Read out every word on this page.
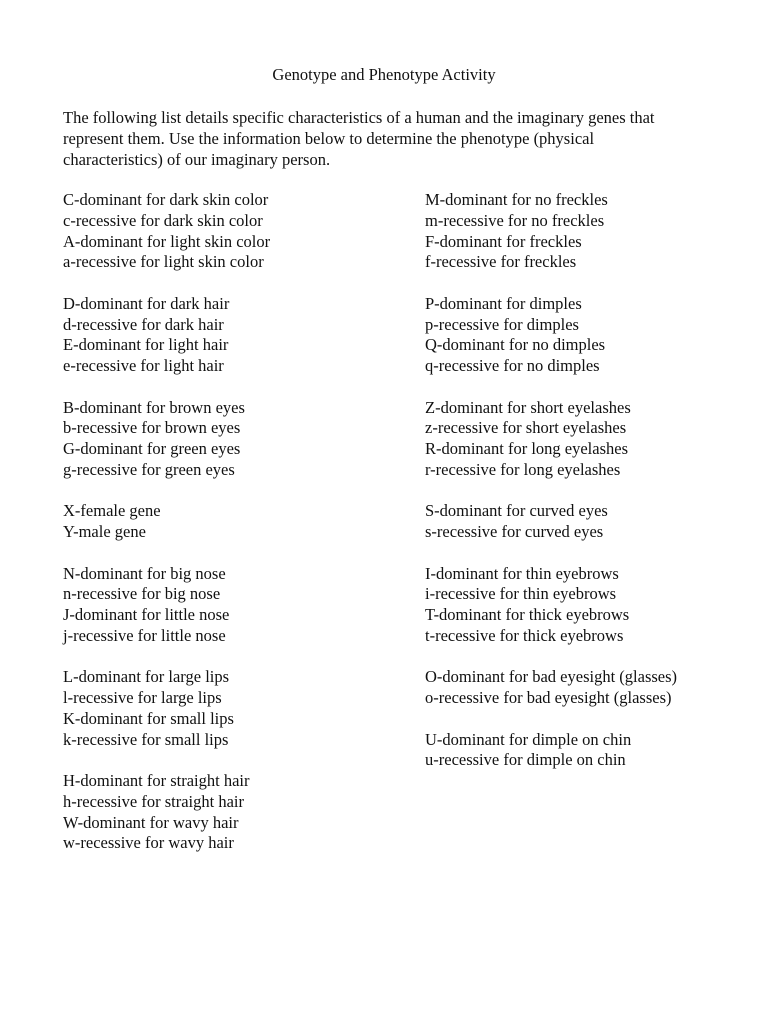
Genotype and Phenotype Activity

The following list details specific characteristics of a human and the imaginary genes that
represent them. Use the information below to determine the phenotype (physical
characteristics) of our imaginary person.

C-dominant for dark skin color
c-recessive for dark skin color
A-dominant for light skin color
a-recessive for light skin color
D-dominant for dark hair
d-recessive for dark hair
E-dominant for light hair
e-recessive for light hair
B-dominant for brown eyes
b-recessive for brown eyes
G-dominant for green eyes
g-recessive for green eyes
X-female gene
Y-male gene
N-dominant for big nose
n-recessive for big nose
J-dominant for little nose
j-recessive for little nose
L-dominant for large lips
l-recessive for large lips
K-dominant for small lips
k-recessive for small lips
H-dominant for straight hair
h-recessive for straight hair
W-dominant for wavy hair
w-recessive for wavy hair
M-dominant for no freckles
m-recessive for no freckles
F-dominant for freckles
f-recessive for freckles
P-dominant for dimples
p-recessive for dimples
Q-dominant for no dimples
q-recessive for no dimples
Z-dominant for short eyelashes
z-recessive for short eyelashes
R-dominant for long eyelashes
r-recessive for long eyelashes
S-dominant for curved eyes
s-recessive for curved eyes
I-dominant for thin eyebrows
i-recessive for thin eyebrows
T-dominant for thick eyebrows
t-recessive for thick eyebrows
O-dominant for bad eyesight (glasses)
o-recessive for bad eyesight (glasses)
U-dominant for dimple on chin
u-recessive for dimple on chin
